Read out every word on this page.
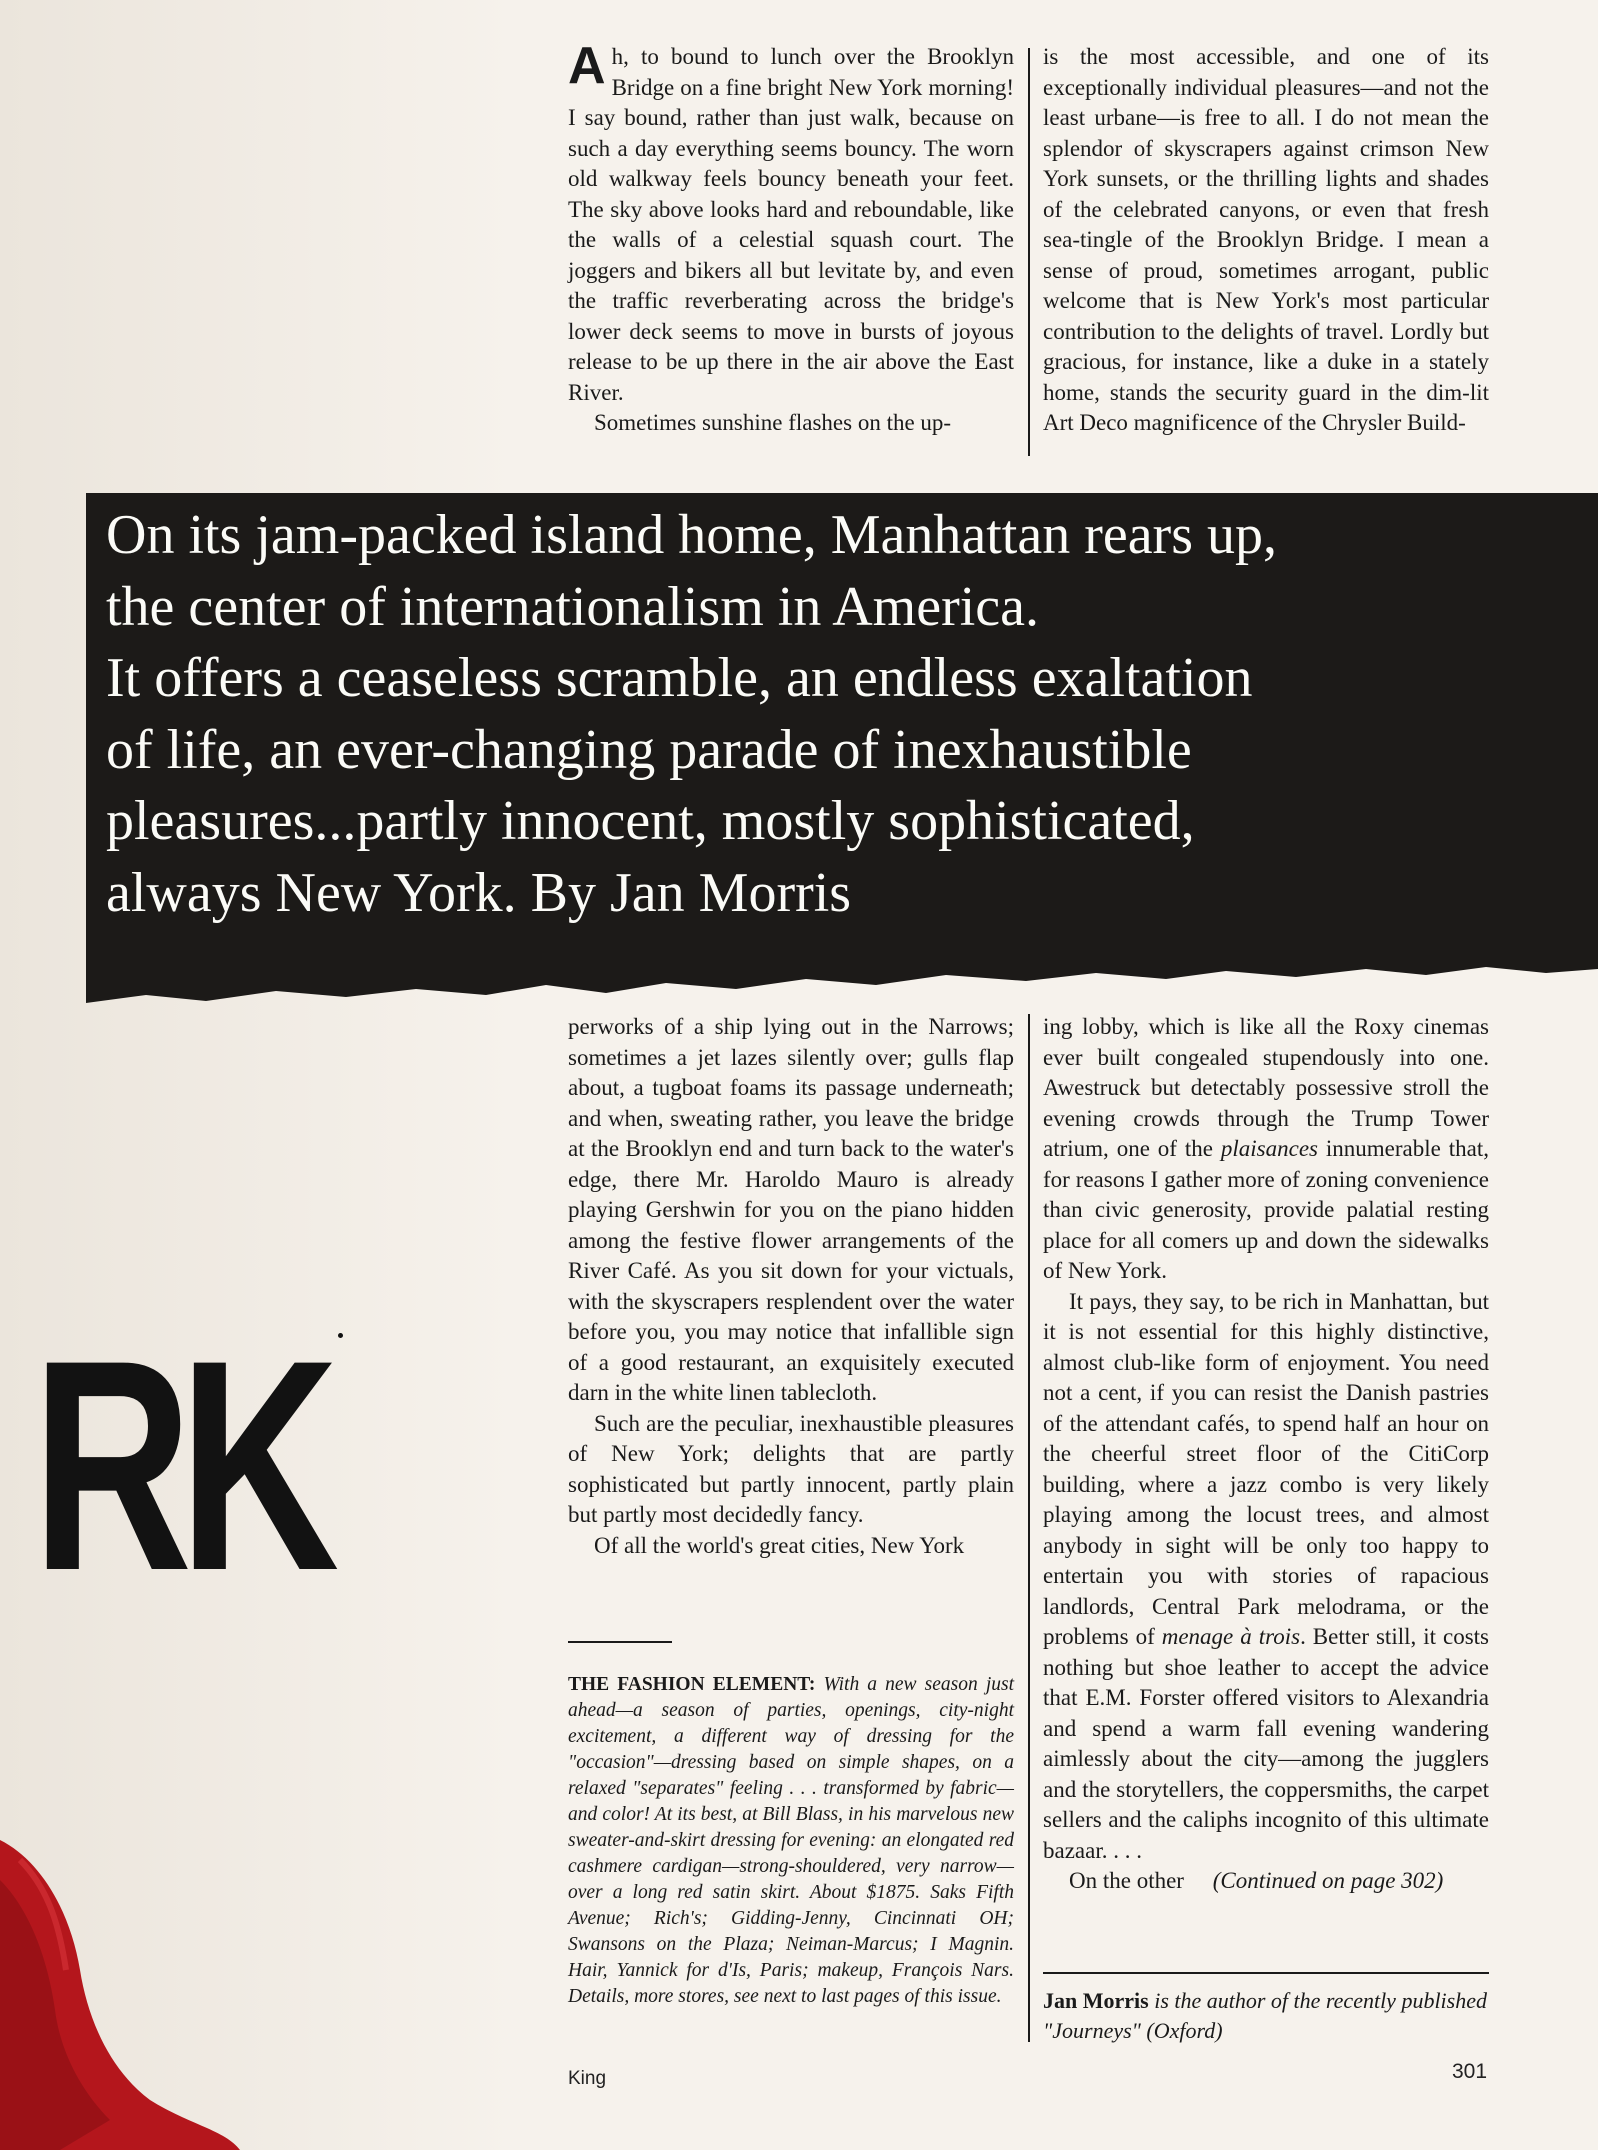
Ah, to bound to lunch over the Brooklyn Bridge on a fine bright New York morning! I say bound, rather than just walk, because on such a day everything seems bouncy. The worn old walkway feels bouncy beneath your feet. The sky above looks hard and reboundable, like the walls of a celestial squash court. The joggers and bikers all but levitate by, and even the traffic reverberating across the bridge's lower deck seems to move in bursts of joyous release to be up there in the air above the East River.

Sometimes sunshine flashes on the up-

is the most accessible, and one of its exceptionally individual pleasures—and not the least urbane—is free to all. I do not mean the splendor of skyscrapers against crimson New York sunsets, or the thrilling lights and shades of the celebrated canyons, or even that fresh sea-tingle of the Brooklyn Bridge. I mean a sense of proud, sometimes arrogant, public welcome that is New York's most particular contribution to the delights of travel. Lordly but gracious, for instance, like a duke in a stately home, stands the security guard in the dim-lit Art Deco magnificence of the Chrysler Build-

On its jam-packed island home, Manhattan rears up,
the center of internationalism in America.
It offers a ceaseless scramble, an endless exaltation
of life, an ever-changing parade of inexhaustible
pleasures...partly innocent, mostly sophisticated,
always New York. By Jan Morris

perworks of a ship lying out in the Narrows; sometimes a jet lazes silently over; gulls flap about, a tugboat foams its passage underneath; and when, sweating rather, you leave the bridge at the Brooklyn end and turn back to the water's edge, there Mr. Haroldo Mauro is already playing Gershwin for you on the piano hidden among the festive flower arrangements of the River Café. As you sit down for your victuals, with the skyscrapers resplendent over the water before you, you may notice that infallible sign of a good restaurant, an exquisitely executed darn in the white linen tablecloth.

Such are the peculiar, inexhaustible pleasures of New York; delights that are partly sophisticated but partly innocent, partly plain but partly most decidedly fancy.

Of all the world's great cities, New York

ing lobby, which is like all the Roxy cinemas ever built congealed stupendously into one. Awestruck but detectably possessive stroll the evening crowds through the Trump Tower atrium, one of the plaisances innumerable that, for reasons I gather more of zoning convenience than civic generosity, provide palatial resting place for all comers up and down the sidewalks of New York.

It pays, they say, to be rich in Manhattan, but it is not essential for this highly distinctive, almost club-like form of enjoyment. You need not a cent, if you can resist the Danish pastries of the attendant cafés, to spend half an hour on the cheerful street floor of the CitiCorp building, where a jazz combo is very likely playing among the locust trees, and almost anybody in sight will be only too happy to entertain you with stories of rapacious landlords, Central Park melodrama, or the problems of menage à trois. Better still, it costs nothing but shoe leather to accept the advice that E.M. Forster offered visitors to Alexandria and spend a warm fall evening wandering aimlessly about the city—among the jugglers and the storytellers, the coppersmiths, the carpet sellers and the caliphs incognito of this ultimate bazaar. . . .

On the other (Continued on page 302)

RK
THE FASHION ELEMENT: With a new season just ahead—a season of parties, openings, city-night excitement, a different way of dressing for the "occasion"—dressing based on simple shapes, on a relaxed "separates" feeling . . . transformed by fabric—and color! At its best, at Bill Blass, in his marvelous new sweater-and-skirt dressing for evening: an elongated red cashmere cardigan—strong-shouldered, very narrow—over a long red satin skirt. About $1875. Saks Fifth Avenue; Rich's; Gidding-Jenny, Cincinnati OH; Swansons on the Plaza; Neiman-Marcus; I Magnin. Hair, Yannick for d'Is, Paris; makeup, François Nars. Details, more stores, see next to last pages of this issue.	Jan Morris is the author of the recently published "Journeys" (Oxford)
King	301
